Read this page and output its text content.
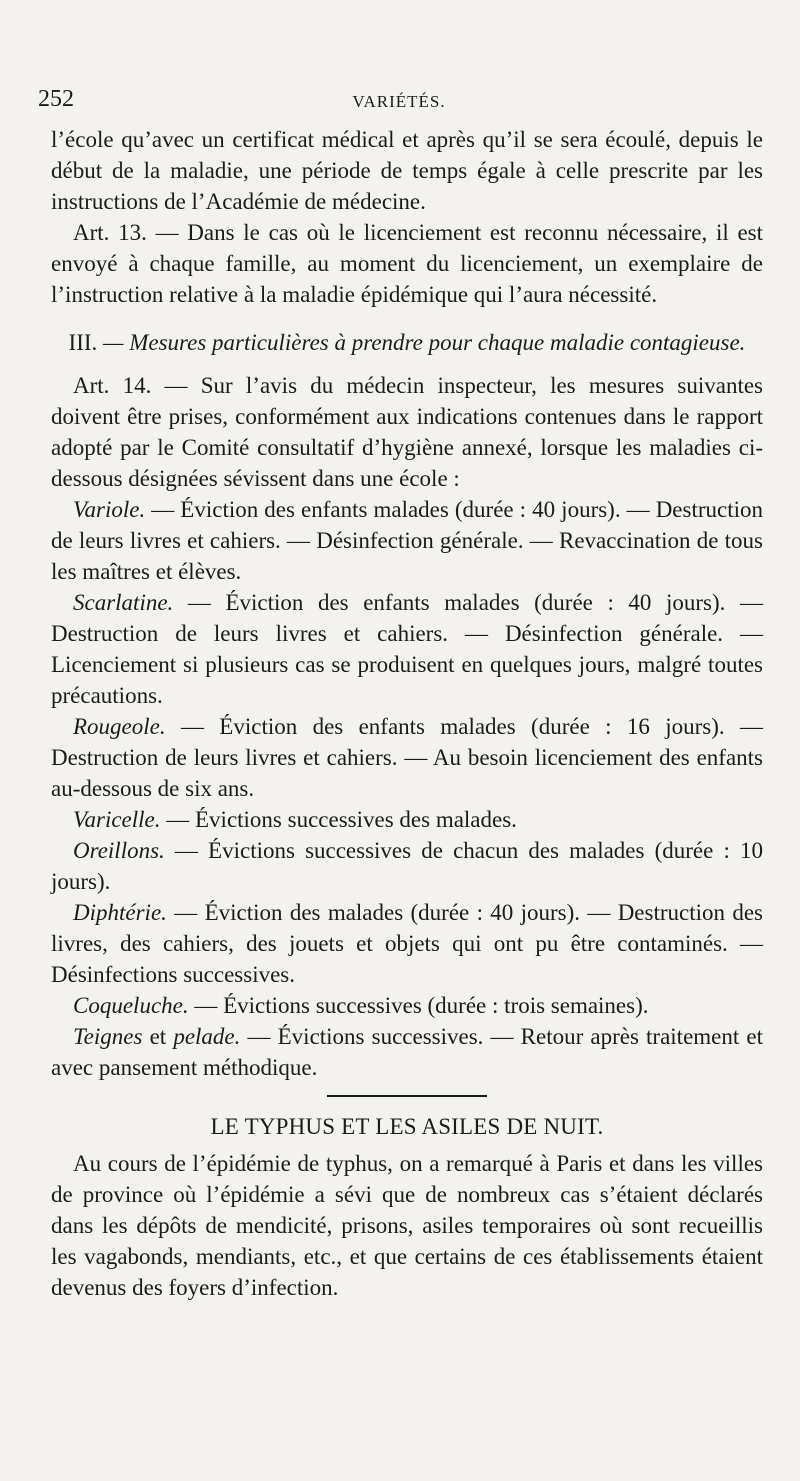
252	VARIÉTÉS.

l’école qu’avec un certificat médical et après qu’il se sera écoulé, depuis le début de la maladie, une période de temps égale à celle prescrite par les instructions de l’Académie de médecine.

Art. 13. — Dans le cas où le licenciement est reconnu nécessaire, il est envoyé à chaque famille, au moment du licenciement, un exemplaire de l’instruction relative à la maladie épidémique qui l’aura nécessité.

III. — Mesures particulières à prendre pour chaque maladie contagieuse.

Art. 14. — Sur l’avis du médecin inspecteur, les mesures suivantes doivent être prises, conformément aux indications contenues dans le rapport adopté par le Comité consultatif d’hygiène annexé, lorsque les maladies ci-dessous désignées sévissent dans une école :

Variole. — Éviction des enfants malades (durée : 40 jours). — Destruction de leurs livres et cahiers. — Désinfection générale. — Revaccination de tous les maîtres et élèves.

Scarlatine. — Éviction des enfants malades (durée : 40 jours). — Destruction de leurs livres et cahiers. — Désinfection générale. — Licenciement si plusieurs cas se produisent en quelques jours, malgré toutes précautions.

Rougeole. — Éviction des enfants malades (durée : 16 jours). — Destruction de leurs livres et cahiers. — Au besoin licenciement des enfants au-dessous de six ans.

Varicelle. — Évictions successives des malades.

Oreillons. — Évictions successives de chacun des malades (durée : 10 jours).

Diphtérie. — Éviction des malades (durée : 40 jours). — Destruction des livres, des cahiers, des jouets et objets qui ont pu être contaminés. — Désinfections successives.

Coqueluche. — Évictions successives (durée : trois semaines).

Teignes et pelade. — Évictions successives. — Retour après traitement et avec pansement méthodique.

LE TYPHUS ET LES ASILES DE NUIT.

Au cours de l’épidémie de typhus, on a remarqué à Paris et dans les villes de province où l’épidémie a sévi que de nombreux cas s’étaient déclarés dans les dépôts de mendicité, prisons, asiles temporaires où sont recueillis les vagabonds, mendiants, etc., et que certains de ces établissements étaient devenus des foyers d’infection.
